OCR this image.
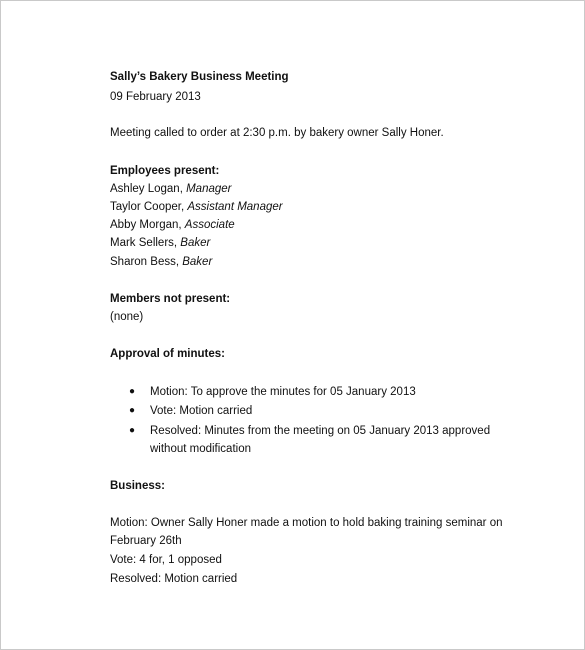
Sally’s Bakery Business Meeting
09 February 2013
Meeting called to order at 2:30 p.m. by bakery owner Sally Honer.
Employees present:
Ashley Logan, Manager
Taylor Cooper, Assistant Manager
Abby Morgan, Associate
Mark Sellers, Baker
Sharon Bess, Baker
Members not present:
(none)
Approval of minutes:
● Motion: To approve the minutes for 05 January 2013
● Vote: Motion carried
● Resolved: Minutes from the meeting on 05 January 2013 approved
without modification
Business:
Motion: Owner Sally Honer made a motion to hold baking training seminar on
February 26th
Vote: 4 for, 1 opposed
Resolved: Motion carried
